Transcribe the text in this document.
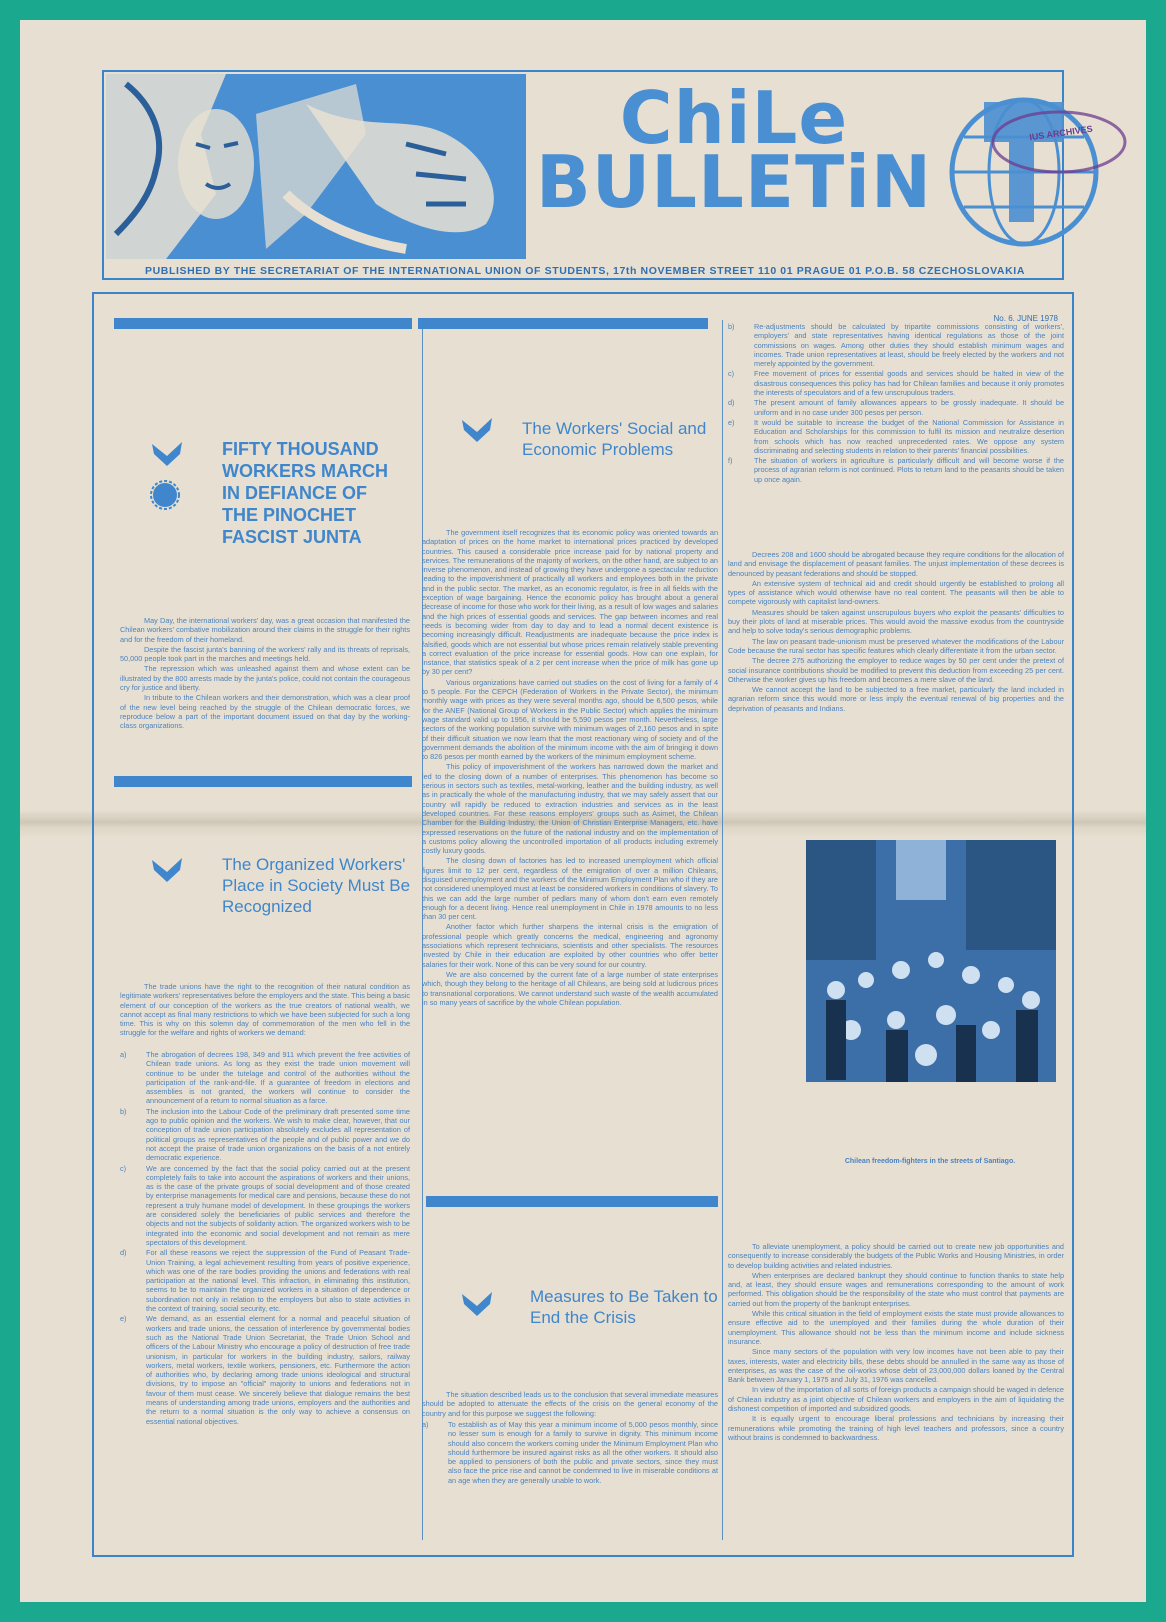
ChiLe
BULLETiN
IUS ARCHIVES
PUBLISHED BY THE SECRETARIAT OF THE INTERNATIONAL UNION OF STUDENTS, 17th NOVEMBER STREET 110 01 PRAGUE 01 P.O.B. 58 CZECHOSLOVAKIA
No. 6. JUNE 1978
FIFTY THOUSAND WORKERS MARCH IN DEFIANCE OF THE PINOCHET FASCIST JUNTA

May Day, the international workers' day, was a great occasion that manifested the Chilean workers' combative mobilization around their claims in the struggle for their rights and for the freedom of their homeland.

Despite the fascist junta's banning of the workers' rally and its threats of reprisals, 50,000 people took part in the marches and meetings held.

The repression which was unleashed against them and whose extent can be illustrated by the 800 arrests made by the junta's police, could not contain the courageous cry for justice and liberty.

In tribute to the Chilean workers and their demonstration, which was a clear proof of the new level being reached by the struggle of the Chilean democratic forces, we reproduce below a part of the important document issued on that day by the working-class organizations.

The Workers' Social and Economic Problems

The government itself recognizes that its economic policy was oriented towards an adaptation of prices on the home market to international prices practiced by developed countries. This caused a considerable price increase paid for by national property and services. The remunerations of the majority of workers, on the other hand, are subject to an inverse phenomenon, and instead of growing they have undergone a spectacular reduction leading to the impoverishment of practically all workers and employees both in the private and in the public sector. The market, as an economic regulator, is free in all fields with the exception of wage bargaining. Hence the economic policy has brought about a general decrease of income for those who work for their living, as a result of low wages and salaries and the high prices of essential goods and services. The gap between incomes and real needs is becoming wider from day to day and to lead a normal decent existence is becoming increasingly difficult. Readjustments are inadequate because the price index is falsified, goods which are not essential but whose prices remain relatively stable preventing a correct evaluation of the price increase for essential goods. How can one explain, for instance, that statistics speak of a 2 per cent increase when the price of milk has gone up by 30 per cent?

Various organizations have carried out studies on the cost of living for a family of 4 to 5 people. For the CEPCH (Federation of Workers in the Private Sector), the minimum monthly wage with prices as they were several months ago, should be 6,500 pesos, while for the ANEF (National Group of Workers in the Public Sector) which applies the minimum wage standard valid up to 1956, it should be 5,590 pesos per month. Nevertheless, large sectors of the working population survive with minimum wages of 2,160 pesos and in spite of their difficult situation we now learn that the most reactionary wing of society and of the government demands the abolition of the minimum income with the aim of bringing it down to 826 pesos per month earned by the workers of the minimum employment scheme.

This policy of impoverishment of the workers has narrowed down the market and led to the closing down of a number of enterprises. This phenomenon has become so serious in sectors such as textiles, metal-working, leather and the building industry, as well as in practically the whole of the manufacturing industry, that we may safely assert that our country will rapidly be reduced to extraction industries and services as in the least developed countries. For these reasons employers' groups such as Asimet, the Chilean Chamber for the Building Industry, the Union of Christian Enterprise Managers, etc. have expressed reservations on the future of the national industry and on the implementation of a customs policy allowing the uncontrolled importation of all products including extremely costly luxury goods.

The closing down of factories has led to increased unemployment which official figures limit to 12 per cent, regardless of the emigration of over a million Chileans, disguised unemployment and the workers of the Minimum Employment Plan who if they are not considered unemployed must at least be considered workers in conditions of slavery. To this we can add the large number of pedlars many of whom don't earn even remotely enough for a decent living. Hence real unemployment in Chile in 1978 amounts to no less than 30 per cent.

Another factor which further sharpens the internal crisis is the emigration of professional people which greatly concerns the medical, engineering and agronomy associations which represent technicians, scientists and other specialists. The resources invested by Chile in their education are exploited by other countries who offer better salaries for their work. None of this can be very sound for our country.

We are also concerned by the current fate of a large number of state enterprises which, though they belong to the heritage of all Chileans, are being sold at ludicrous prices to transnational corporations. We cannot understand such waste of the wealth accumulated in so many years of sacrifice by the whole Chilean population.

The Organized Workers' Place in Society Must Be Recognized

The trade unions have the right to the recognition of their natural condition as legitimate workers' representatives before the employers and the state. This being a basic element of our conception of the workers as the true creators of national wealth, we cannot accept as final many restrictions to which we have been subjected for such a long time. This is why on this solemn day of commemoration of the men who fell in the struggle for the welfare and rights of workers we demand:

a)	The abrogation of decrees 198, 349 and 911 which prevent the free activities of Chilean trade unions. As long as they exist the trade union movement will continue to be under the tutelage and control of the authorities without the participation of the rank-and-file. If a guarantee of freedom in elections and assemblies is not granted, the workers will continue to consider the announcement of a return to normal situation as a farce.
b)	The inclusion into the Labour Code of the preliminary draft presented some time ago to public opinion and the workers. We wish to make clear, however, that our conception of trade union participation absolutely excludes all representation of political groups as representatives of the people and of public power and we do not accept the praise of trade union organizations on the basis of a not entirely democratic experience.
c)	We are concerned by the fact that the social policy carried out at the present completely fails to take into account the aspirations of workers and their unions, as is the case of the private groups of social development and of those created by enterprise managements for medical care and pensions, because these do not represent a truly humane model of development. In these groupings the workers are considered solely the beneficiaries of public services and therefore the objects and not the subjects of solidarity action. The organized workers wish to be integrated into the economic and social development and not remain as mere spectators of this development.
d)	For all these reasons we reject the suppression of the Fund of Peasant Trade-Union Training, a legal achievement resulting from years of positive experience, which was one of the rare bodies providing the unions and federations with real participation at the national level. This infraction, in eliminating this institution, seems to be to maintain the organized workers in a situation of dependence or subordination not only in relation to the employers but also to state activities in the context of training, social security, etc.
e)	We demand, as an essential element for a normal and peaceful situation of workers and trade unions, the cessation of interference by governmental bodies such as the National Trade Union Secretariat, the Trade Union School and officers of the Labour Ministry who encourage a policy of destruction of free trade unionism, in particular for workers in the building industry, sailors, railway workers, metal workers, textile workers, pensioners, etc. Furthermore the action of authorities who, by declaring among trade unions ideological and structural divisions, try to impose an "official" majority to unions and federations not in favour of them must cease. We sincerely believe that dialogue remains the best means of understanding among trade unions, employers and the authorities and the return to a normal situation is the only way to achieve a consensus on essential national objectives.
Measures to Be Taken to End the Crisis

The situation described leads us to the conclusion that several immediate measures should be adopted to attenuate the effects of the crisis on the general economy of the country and for this purpose we suggest the following:

a)	To establish as of May this year a minimum income of 5,000 pesos monthly, since no lesser sum is enough for a family to survive in dignity. This minimum income should also concern the workers coming under the Minimum Employment Plan who should furthermore be insured against risks as all the other workers. It should also be applied to pensioners of both the public and private sectors, since they must also face the price rise and cannot be condemned to live in miserable conditions at an age when they are generally unable to work.
b)	Re-adjustments should be calculated by tripartite commissions consisting of workers', employers' and state representatives having identical regulations as those of the joint commissions on wages. Among other duties they should establish minimum wages and incomes. Trade union representatives at least, should be freely elected by the workers and not merely appointed by the government.
c)	Free movement of prices for essential goods and services should be halted in view of the disastrous consequences this policy has had for Chilean families and because it only promotes the interests of speculators and of a few unscrupulous traders.
d)	The present amount of family allowances appears to be grossly inadequate. It should be uniform and in no case under 300 pesos per person.
e)	It would be suitable to increase the budget of the National Commission for Assistance in Education and Scholarships for this commission to fulfil its mission and neutralize desertion from schools which has now reached unprecedented rates. We oppose any system discriminating and selecting students in relation to their parents' financial possibilities.
f)	The situation of workers in agriculture is particularly difficult and will become worse if the process of agrarian reform is not continued. Plots to return land to the peasants should be taken up once again.

Decrees 208 and 1600 should be abrogated because they require conditions for the allocation of land and envisage the displacement of peasant families. The unjust implementation of these decrees is denounced by peasant federations and should be stopped.

An extensive system of technical aid and credit should urgently be established to prolong all types of assistance which would otherwise have no real content. The peasants will then be able to compete vigorously with capitalist land-owners.

Measures should be taken against unscrupulous buyers who exploit the peasants' difficulties to buy their plots of land at miserable prices. This would avoid the massive exodus from the countryside and help to solve today's serious demographic problems.

The law on peasant trade-unionism must be preserved whatever the modifications of the Labour Code because the rural sector has specific features which clearly differentiate it from the urban sector.

The decree 275 authorizing the employer to reduce wages by 50 per cent under the pretext of social insurance contributions should be modified to prevent this deduction from exceeding 25 per cent. Otherwise the worker gives up his freedom and becomes a mere slave of the land.

We cannot accept the land to be subjected to a free market, particularly the land included in agrarian reform since this would more or less imply the eventual renewal of big properties and the deprivation of peasants and Indians.

Chilean freedom-fighters in the streets of Santiago.

To alleviate unemployment, a policy should be carried out to create new job opportunities and consequently to increase considerably the budgets of the Public Works and Housing Ministries, in order to develop building activities and related industries.

When enterprises are declared bankrupt they should continue to function thanks to state help and, at least, they should ensure wages and remunerations corresponding to the amount of work performed. This obligation should be the responsibility of the state who must control that payments are carried out from the property of the bankrupt enterprises.

While this critical situation in the field of employment exists the state must provide allowances to ensure effective aid to the unemployed and their families during the whole duration of their unemployment. This allowance should not be less than the minimum income and include sickness insurance.

Since many sectors of the population with very low incomes have not been able to pay their taxes, interests, water and electricity bills, these debts should be annulled in the same way as those of enterprises, as was the case of the oil-works whose debt of 23,000,000 dollars loaned by the Central Bank between January 1, 1975 and July 31, 1976 was cancelled.

In view of the importation of all sorts of foreign products a campaign should be waged in defence of Chilean industry as a joint objective of Chilean workers and employers in the aim of liquidating the dishonest competition of imported and subsidized goods.

It is equally urgent to encourage liberal professions and technicians by increasing their remunerations while promoting the training of high level teachers and professors, since a country without brains is condemned to backwardness.
